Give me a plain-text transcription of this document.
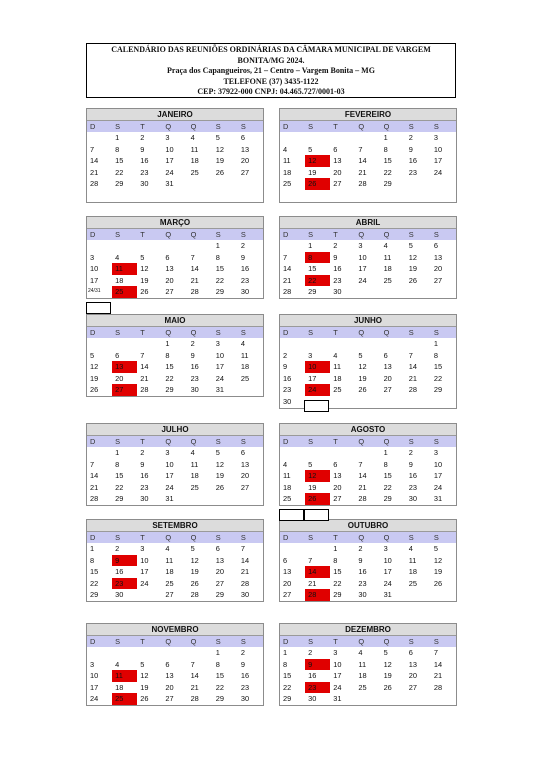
CALENDÁRIO DAS REUNIÕES ORDINÁRIAS DA CÂMARA MUNICIPAL DE VARGEM
BONITA/MG 2024.
Praça dos Capangueiros, 21 – Centro – Vargem Bonita – MG
TELEFONE (37) 3435-1122
CEP: 37922-000 CNPJ: 04.465.727/0001-03
JANEIRO
D	S	T	Q	Q	S	S
	1	2	3	4	5	6
7	8	9	10	11	12	13
14	15	16	17	18	19	20
21	22	23	24	25	26	27
28	29	30	31			

FEVEREIRO
D	S	T	Q	Q	S	S
				1	2	3
4	5	6	7	8	9	10
11	12	13	14	15	16	17
18	19	20	21	22	23	24
25	26	27	28	29		

MARÇO
D	S	T	Q	Q	S	S
					1	2
3	4	5	6	7	8	9
10	11	12	13	14	15	16
17	18	19	20	21	22	23
24/31	25	26	27	28	29	30
ABRIL
D	S	T	Q	Q	S	S
	1	2	3	4	5	6
7	8	9	10	11	12	13
14	15	16	17	18	19	20
21	22	23	24	25	26	27
28	29	30				
MAIO
D	S	T	Q	Q	S	S
			1	2	3	4
5	6	7	8	9	10	11
12	13	14	15	16	17	18
19	20	21	22	23	24	25
26	27	28	29	30	31	
JUNHO
D	S	T	Q	Q	S	S
						1
2	3	4	5	6	7	8
9	10	11	12	13	14	15
16	17	18	19	20	21	22
23	24	25	26	27	28	29
30						
JULHO
D	S	T	Q	Q	S	S
	1	2	3	4	5	6
7	8	9	10	11	12	13
14	15	16	17	18	19	20
21	22	23	24	25	26	27
28	29	30	31			
AGOSTO
D	S	T	Q	Q	S	S
				1	2	3
4	5	6	7	8	9	10
11	12	13	14	15	16	17
18	19	20	21	22	23	24
25	26	27	28	29	30	31
SETEMBRO
D	S	T	Q	Q	S	S
1	2	3	4	5	6	7
8	9	10	11	12	13	14
15	16	17	18	19	20	21
22	23	24	25	26	27	28
29	30		27	28	29	30
OUTUBRO
D	S	T	Q	Q	S	S
		1	2	3	4	5
6	7	8	9	10	11	12
13	14	15	16	17	18	19
20	21	22	23	24	25	26
27	28	29	30	31		
NOVEMBRO
D	S	T	Q	Q	S	S
					1	2
3	4	5	6	7	8	9
10	11	12	13	14	15	16
17	18	19	20	21	22	23
24	25	26	27	28	29	30
DEZEMBRO
D	S	T	Q	Q	S	S
1	2	3	4	5	6	7
8	9	10	11	12	13	14
15	16	17	18	19	20	21
22	23	24	25	26	27	28
29	30	31				
